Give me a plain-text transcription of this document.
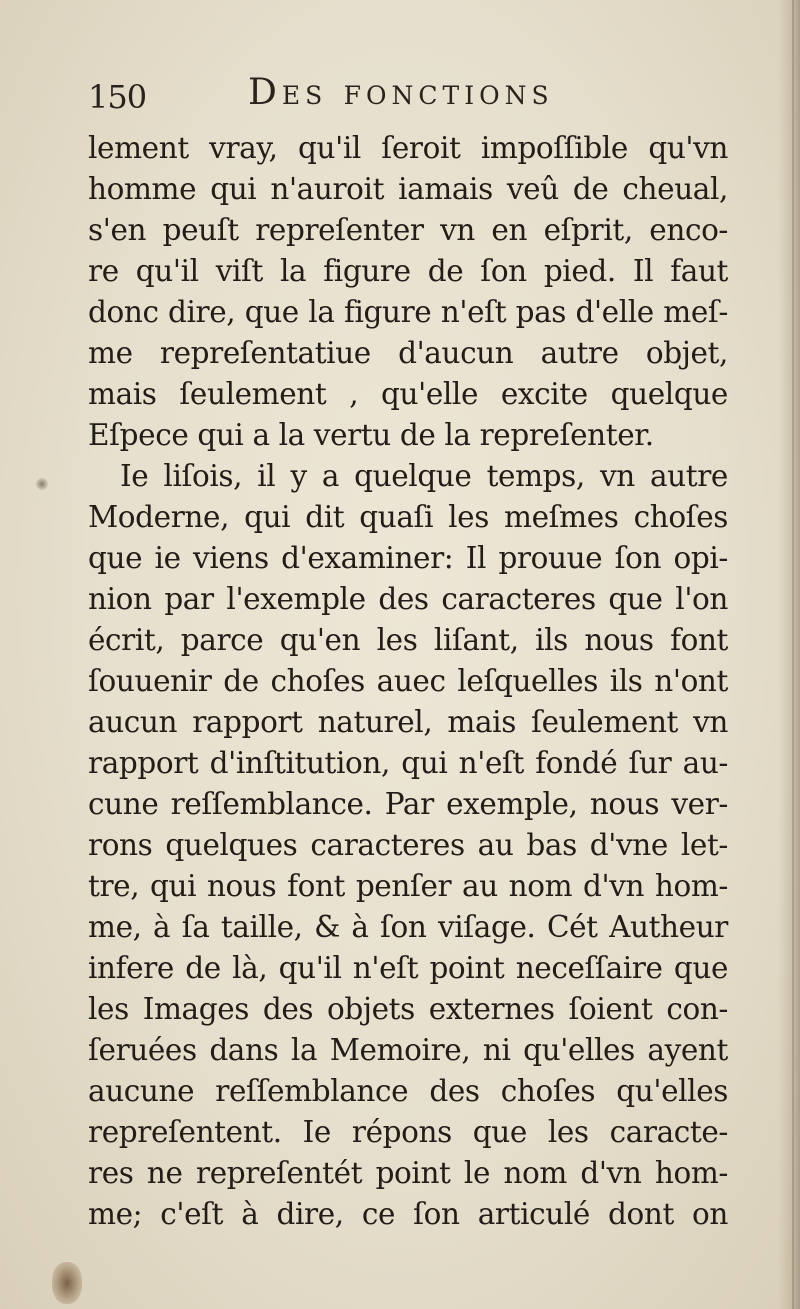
150	Des fonctions
lement vray, qu'il ſeroit impoſſible qu'vn
homme qui n'auroit iamais veû de cheual,
s'en peuſt repreſenter vn en eſprit, enco-
re qu'il viſt la figure de ſon pied. Il faut
donc dire, que la figure n'eſt pas d'elle meſ-
me repreſentatiue d'aucun autre objet,
mais ſeulement , qu'elle excite quelque
Eſpece qui a la vertu de la repreſenter.
Ie liſois, il y a quelque temps, vn autre
Moderne, qui dit quaſi les meſmes choſes
que ie viens d'examiner: Il prouue ſon opi-
nion par l'exemple des caracteres que l'on
écrit, parce qu'en les liſant, ils nous font
ſouuenir de choſes auec leſquelles ils n'ont
aucun rapport naturel, mais ſeulement vn
rapport d'inſtitution, qui n'eſt fondé ſur au-
cune reſſemblance. Par exemple, nous ver-
rons quelques caracteres au bas d'vne let-
tre, qui nous font penſer au nom d'vn hom-
me, à ſa taille, & à ſon viſage. Cét Autheur
infere de là, qu'il n'eſt point neceſſaire que
les Images des objets externes ſoient con-
ſeruées dans la Memoire, ni qu'elles ayent
aucune reſſemblance des choſes qu'elles
repreſentent. Ie répons que les caracte-
res ne repreſentét point le nom d'vn hom-
me; c'eſt à dire, ce ſon articulé dont on
